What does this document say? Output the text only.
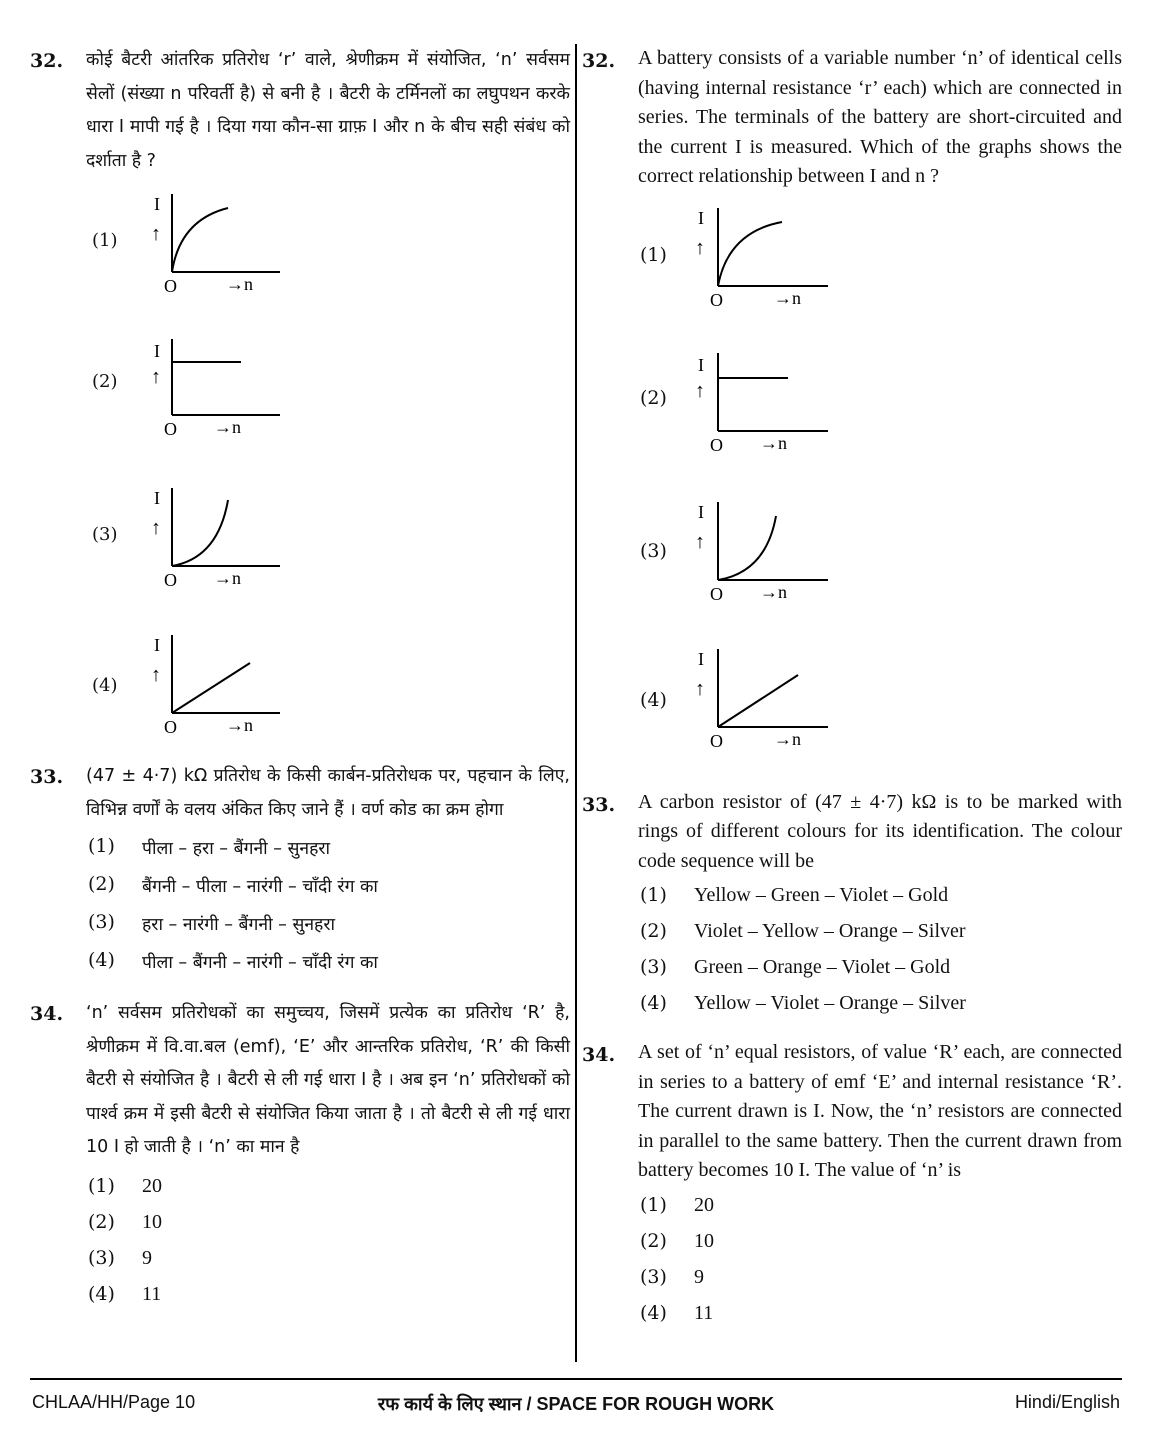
32. कोई बैटरी आंतरिक प्रतिरोध ‘r’ वाले, श्रेणीक्रम में संयोजित, ‘n’ सर्वसम सेलों (संख्या n परिवर्ती है) से बनी है । बैटरी के टर्मिनलों का लघुपथन करके धारा I मापी गई है । दिया गया कौन-सा ग्राफ़ I और n के बीच सही संबंध को दर्शाता है ?
(1)
I
↑
O	→n
(2)
I
↑
O →n
(3)
I
↑
O →n
(4)
I
↑
O	→n
33. (47 ± 4·7) kΩ प्रतिरोध के किसी कार्बन-प्रतिरोधक पर, पहचान के लिए, विभिन्न वर्णों के वलय अंकित किए जाने हैं । वर्ण कोड का क्रम होगा
(1) पीला – हरा – बैंगनी – सुनहरा
(2) बैंगनी – पीला – नारंगी – चाँदी रंग का
(3) हरा – नारंगी – बैंगनी – सुनहरा
(4) पीला – बैंगनी – नारंगी – चाँदी रंग का
34. ‘n’ सर्वसम प्रतिरोधकों का समुच्चय, जिसमें प्रत्येक का प्रतिरोध ‘R’ है, श्रेणीक्रम में वि.वा.बल (emf), ‘E’ और आन्तरिक प्रतिरोध, ‘R’ की किसी बैटरी से संयोजित है । बैटरी से ली गई धारा I है । अब इन ‘n’ प्रतिरोधकों को पार्श्व क्रम में इसी बैटरी से संयोजित किया जाता है । तो बैटरी से ली गई धारा 10 I हो जाती है । ‘n’ का मान है
(1) 20
(2) 10
(3) 9
(4) 11
32. A battery consists of a variable number ‘n’ of identical cells (having internal resistance ‘r’ each) which are connected in series. The terminals of the battery are short-circuited and the current I is measured. Which of the graphs shows the correct relationship between I and n ?
(1)
I
↑
O	→n
(2)
I
↑
O →n
(3)
I
↑
O →n
(4)
I
↑
O	→n
33. A carbon resistor of (47 ± 4·7) kΩ is to be marked with rings of different colours for its identification. The colour code sequence will be
(1) Yellow – Green – Violet – Gold
(2) Violet – Yellow – Orange – Silver
(3) Green – Orange – Violet – Gold
(4) Yellow – Violet – Orange – Silver
34. A set of ‘n’ equal resistors, of value ‘R’ each, are connected in series to a battery of emf ‘E’ and internal resistance ‘R’. The current drawn is I. Now, the ‘n’ resistors are connected in parallel to the same battery. Then the current drawn from battery becomes 10 I. The value of ‘n’ is
(1) 20
(2) 10
(3) 9
(4) 11
CHLAA/HH/Page 10	रफ कार्य के लिए स्थान / SPACE FOR ROUGH WORK	Hindi/English
